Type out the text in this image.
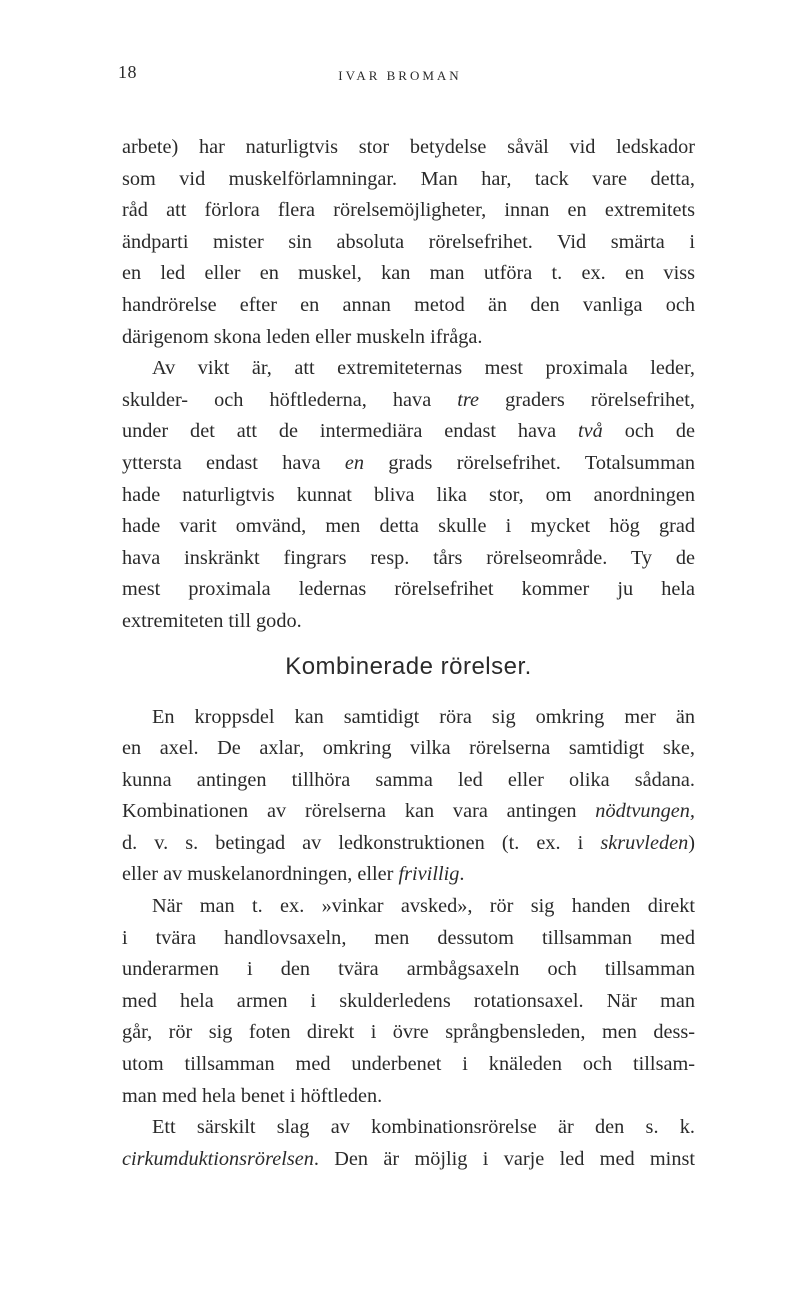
18	IVAR BROMAN
arbete) har naturligtvis stor betydelse såväl vid ledskador
som vid muskelförlamningar. Man har, tack vare detta,
råd att förlora flera rörelsemöjligheter, innan en extremitets
ändparti mister sin absoluta rörelsefrihet. Vid smärta i
en led eller en muskel, kan man utföra t. ex. en viss
handrörelse efter en annan metod än den vanliga och
därigenom skona leden eller muskeln ifråga.
Av vikt är, att extremiteternas mest proximala leder,
skulder- och höftlederna, hava tre graders rörelsefrihet,
under det att de intermediära endast hava två och de
yttersta endast hava en grads rörelsefrihet. Totalsumman
hade naturligtvis kunnat bliva lika stor, om anordningen
hade varit omvänd, men detta skulle i mycket hög grad
hava inskränkt fingrars resp. tårs rörelseområde. Ty de
mest proximala ledernas rörelsefrihet kommer ju hela
extremiteten till godo.
Kombinerade rörelser.
En kroppsdel kan samtidigt röra sig omkring mer än
en axel. De axlar, omkring vilka rörelserna samtidigt ske,
kunna antingen tillhöra samma led eller olika sådana.
Kombinationen av rörelserna kan vara antingen nödtvungen,
d. v. s. betingad av ledkonstruktionen (t. ex. i skruvleden)
eller av muskelanordningen, eller frivillig.
När man t. ex. »vinkar avsked», rör sig handen direkt
i tvära handlovsaxeln, men dessutom tillsamman med
underarmen i den tvära armbågsaxeln och tillsamman
med hela armen i skulderledens rotationsaxel. När man
går, rör sig foten direkt i övre språngbensleden, men dess-
utom tillsamman med underbenet i knäleden och tillsam-
man med hela benet i höftleden.
Ett särskilt slag av kombinationsrörelse är den s. k.
cirkumduktionsrörelsen. Den är möjlig i varje led med minst
